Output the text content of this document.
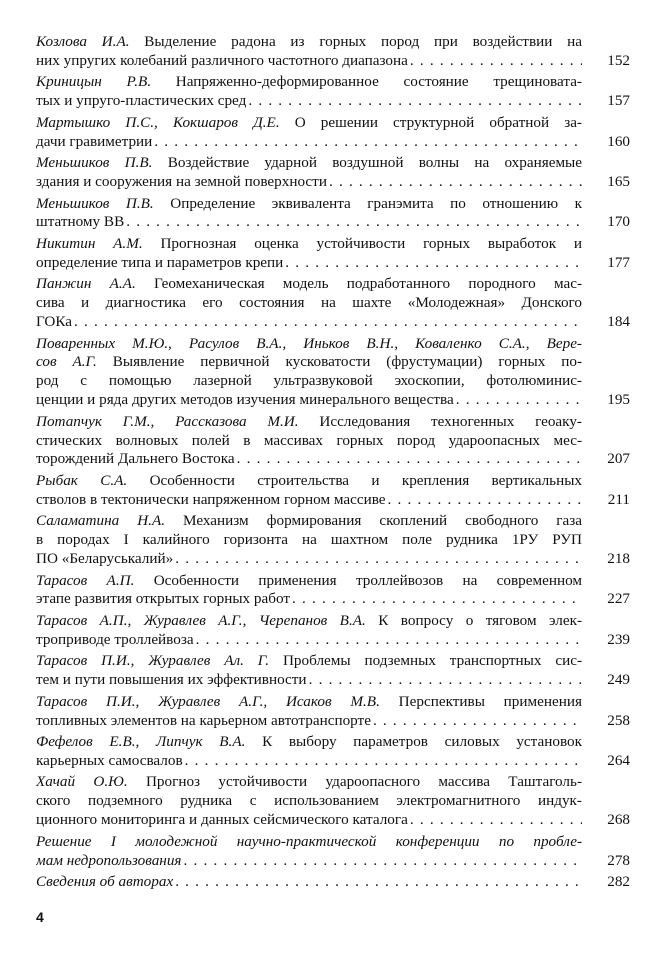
Козлова И.А. Выделение радона из горных пород при воздействии на
них упругих колебаний различного частотного диапазона . . .	152
Криницын Р.В. Напряженно-деформированное состояние трещиновата-
тых и упруго-пластических сред . . .	157
Мартышко П.С., Кокшаров Д.Е. О решении структурной обратной за-
дачи гравиметрии . . .	160
Меньшиков П.В. Воздействие ударной воздушной волны на охраняемые
здания и сооружения на земной поверхности . . .	165
Меньшиков П.В. Определение эквивалента гранэмита по отношению к
штатному ВВ . . .	170
Никитин А.М. Прогнозная оценка устойчивости горных выработок и
определение типа и параметров крепи . . .	177
Панжин А.А. Геомеханическая модель подработанного породного мас-
сива и диагностика его состояния на шахте «Молодежная» Донского
ГОКа . . .	184
Поваренных М.Ю., Расулов В.А., Иньков В.Н., Коваленко С.А., Вере-
сов А.Г. Выявление первичной кусковатости (фрустумации) горных по-
род с помощью лазерной ультразвуковой эхоскопии, фотолюминис-
ценции и ряда других методов изучения минерального вещества . . .	195
Потапчук Г.М., Рассказова М.И. Исследования техногенных геоаку-
стических волновых полей в массивах горных пород удароопасных мес-
торождений Дальнего Востока . . .	207
Рыбак С.А. Особенности строительства и крепления вертикальных
стволов в тектонически напряженном горном массиве . . .	211
Саламатина Н.А. Механизм формирования скоплений свободного газа
в породах I калийного горизонта на шахтном поле рудника 1РУ РУП
ПО «Беларуськалий» . . .	218
Тарасов А.П. Особенности применения троллейвозов на современном
этапе развития открытых горных работ . . .	227
Тарасов А.П., Журавлев А.Г., Черепанов В.А. К вопросу о тяговом элек-
троприводе троллейвоза . . .	239
Тарасов П.И., Журавлев Ал. Г. Проблемы подземных транспортных сис-
тем и пути повышения их эффективности . . .	249
Тарасов П.И., Журавлев А.Г., Исаков М.В. Перспективы применения
топливных элементов на карьерном автотранспорте . . .	258
Фефелов Е.В., Липчук В.А. К выбору параметров силовых установок
карьерных самосвалов . . .	264
Хачай О.Ю. Прогноз устойчивости удароопасного массива Таштаголь-
ского подземного рудника с использованием электромагнитного индук-
ционного мониторинга и данных сейсмического каталога . . .	268
Решение I молодежной научно-практической конференции по пробле-
мам недропользования . . .	278
Сведения об авторах . . .	282
4
